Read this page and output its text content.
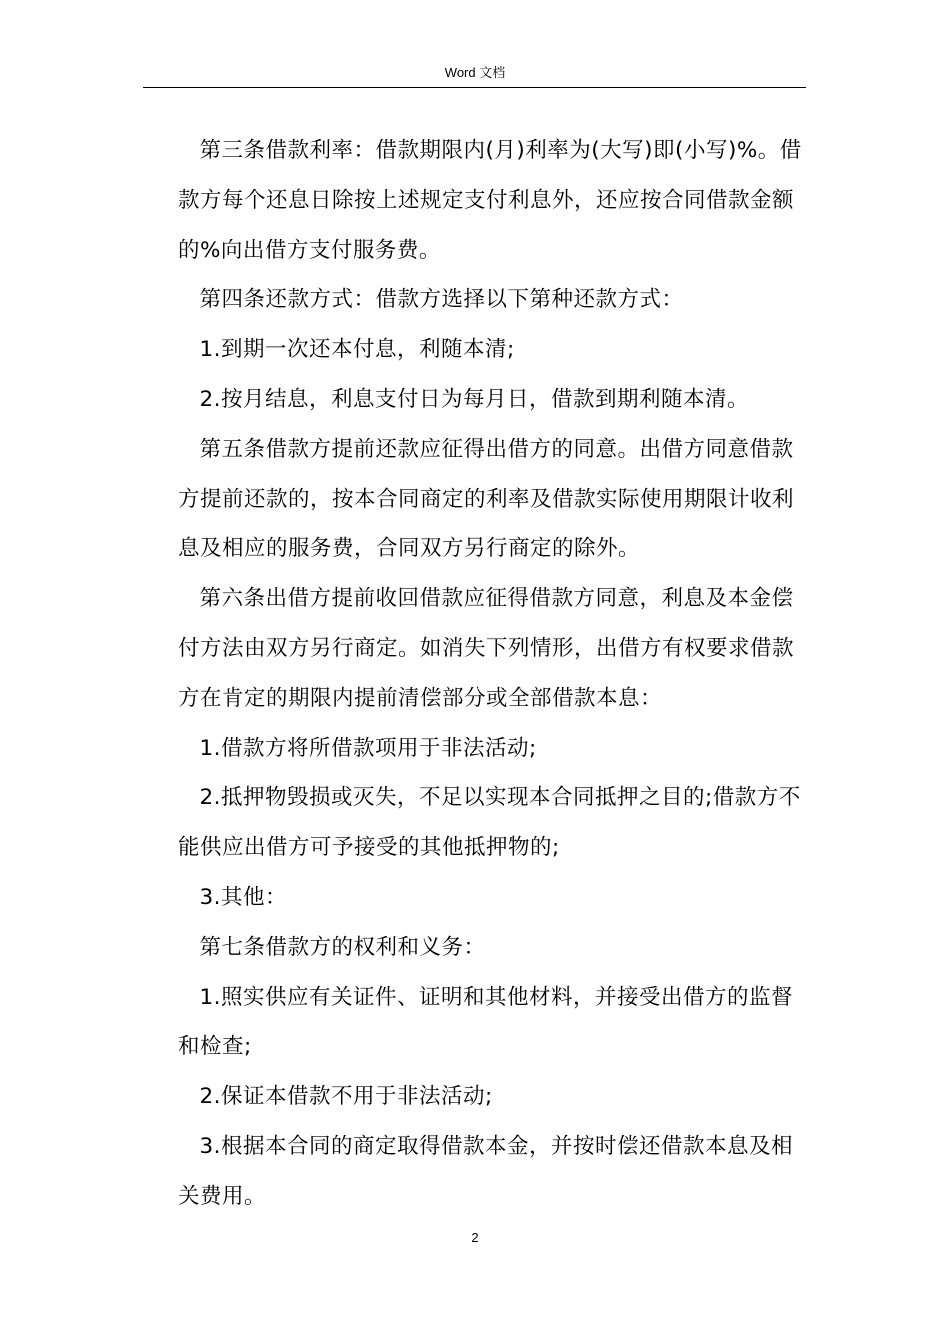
Word 文档

第三条借款利率：借款期限内(月)利率为(大写)即(小写)%。借
款方每个还息日除按上述规定支付利息外，还应按合同借款金额
的%向出借方支付服务费。

第四条还款方式：借款方选择以下第种还款方式：

1.到期一次还本付息，利随本清;

2.按月结息，利息支付日为每月日，借款到期利随本清。

第五条借款方提前还款应征得出借方的同意。出借方同意借款
方提前还款的，按本合同商定的利率及借款实际使用期限计收利
息及相应的服务费，合同双方另行商定的除外。

第六条出借方提前收回借款应征得借款方同意，利息及本金偿
付方法由双方另行商定。如消失下列情形，出借方有权要求借款
方在肯定的期限内提前清偿部分或全部借款本息：

1.借款方将所借款项用于非法活动;

2.抵押物毁损或灭失，不足以实现本合同抵押之目的;借款方不
能供应出借方可予接受的其他抵押物的;

3.其他：

第七条借款方的权利和义务：

1.照实供应有关证件、证明和其他材料，并接受出借方的监督
和检查;

2.保证本借款不用于非法活动;

3.根据本合同的商定取得借款本金，并按时偿还借款本息及相
关费用。

2
